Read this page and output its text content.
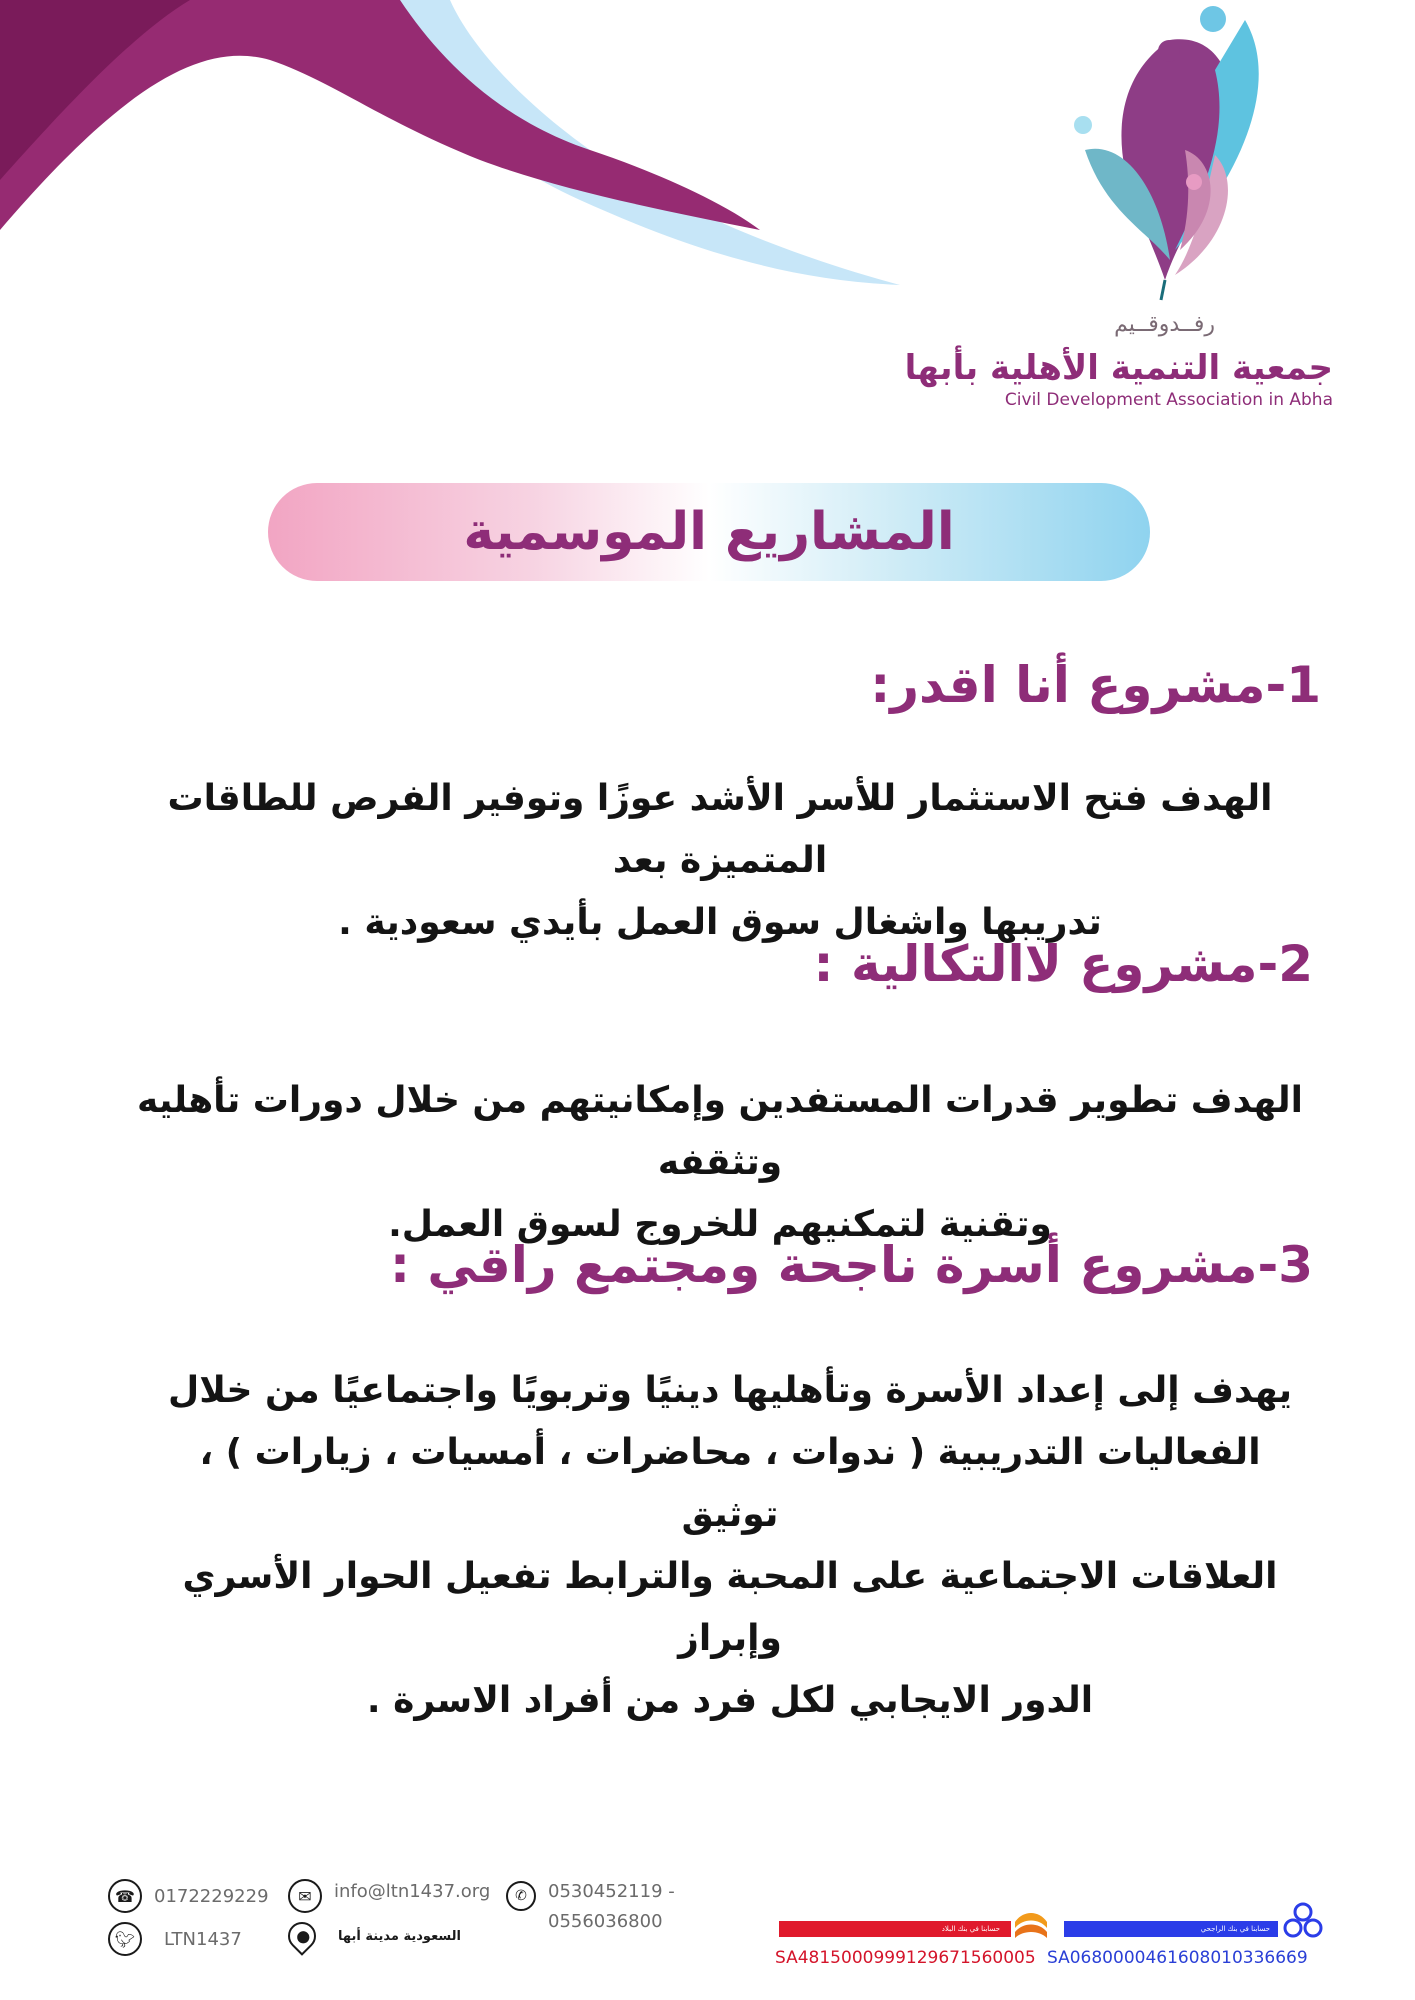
رفــدوقــيم
جمعية التنمية الأهلية بأبها
Civil Development Association in Abha
المشاريع الموسمية
1-مشروع أنا اقدر:
الهدف فتح الاستثمار للأسر الأشد عوزًا وتوفير الفرص للطاقات المتميزة بعد
تدريبها واشغال سوق العمل بأيدي سعودية .
2-مشروع لاالتكالية :
الهدف تطوير قدرات المستفدين وإمكانيتهم من خلال دورات تأهليه وتثقفه
وتقنية لتمكنيهم للخروج لسوق العمل.
3-مشروع أسرة ناجحة ومجتمع راقي :
يهدف إلى إعداد الأسرة وتأهليها دينيًا وتربويًا واجتماعيًا من خلال
الفعاليات التدريبية ( ندوات ، محاضرات ، أمسيات ، زيارات ) ، توثيق
العلاقات الاجتماعية على المحبة والترابط تفعيل الحوار الأسري وإبراز
الدور الايجابي لكل فرد من أفراد الاسرة .
☎	0172229229	✉	info@ltn1437.org	✆	0530452119 -
0556036800
🐦︎	LTN1437	●	السعودية مدينة أبها	حسابنا في بنك البلاد	حسابنا في بنك الراجحي
SA4815000999129671560005 SA0680000461608010336669
